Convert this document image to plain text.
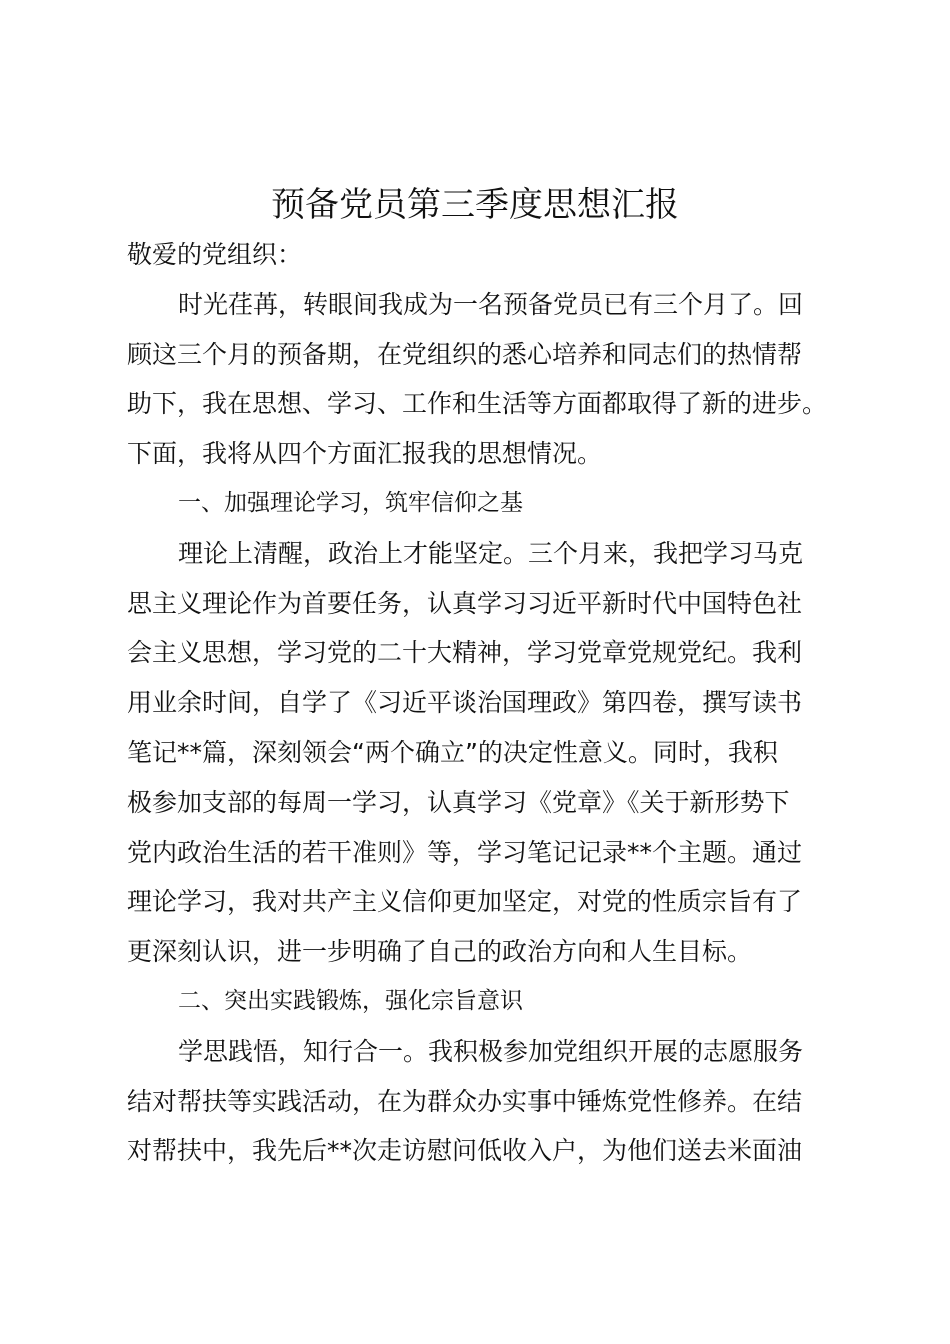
预备党员第三季度思想汇报
敬爱的党组织：
时光荏苒，转眼间我成为一名预备党员已有三个月了。回
顾这三个月的预备期，在党组织的悉心培养和同志们的热情帮
助下，我在思想、学习、工作和生活等方面都取得了新的进步。
下面，我将从四个方面汇报我的思想情况。
一、加强理论学习，筑牢信仰之基
理论上清醒，政治上才能坚定。三个月来，我把学习马克
思主义理论作为首要任务，认真学习习近平新时代中国特色社
会主义思想，学习党的二十大精神，学习党章党规党纪。我利
用业余时间，自学了《习近平谈治国理政》第四卷，撰写读书
笔记**篇，深刻领会“两个确立”的决定性意义。同时，我积
极参加支部的每周一学习，认真学习《党章》《关于新形势下
党内政治生活的若干准则》等，学习笔记记录**个主题。通过
理论学习，我对共产主义信仰更加坚定，对党的性质宗旨有了
更深刻认识，进一步明确了自己的政治方向和人生目标。
二、突出实践锻炼，强化宗旨意识
学思践悟，知行合一。我积极参加党组织开展的志愿服务
结对帮扶等实践活动，在为群众办实事中锤炼党性修养。在结
对帮扶中，我先后**次走访慰问低收入户，为他们送去米面油
